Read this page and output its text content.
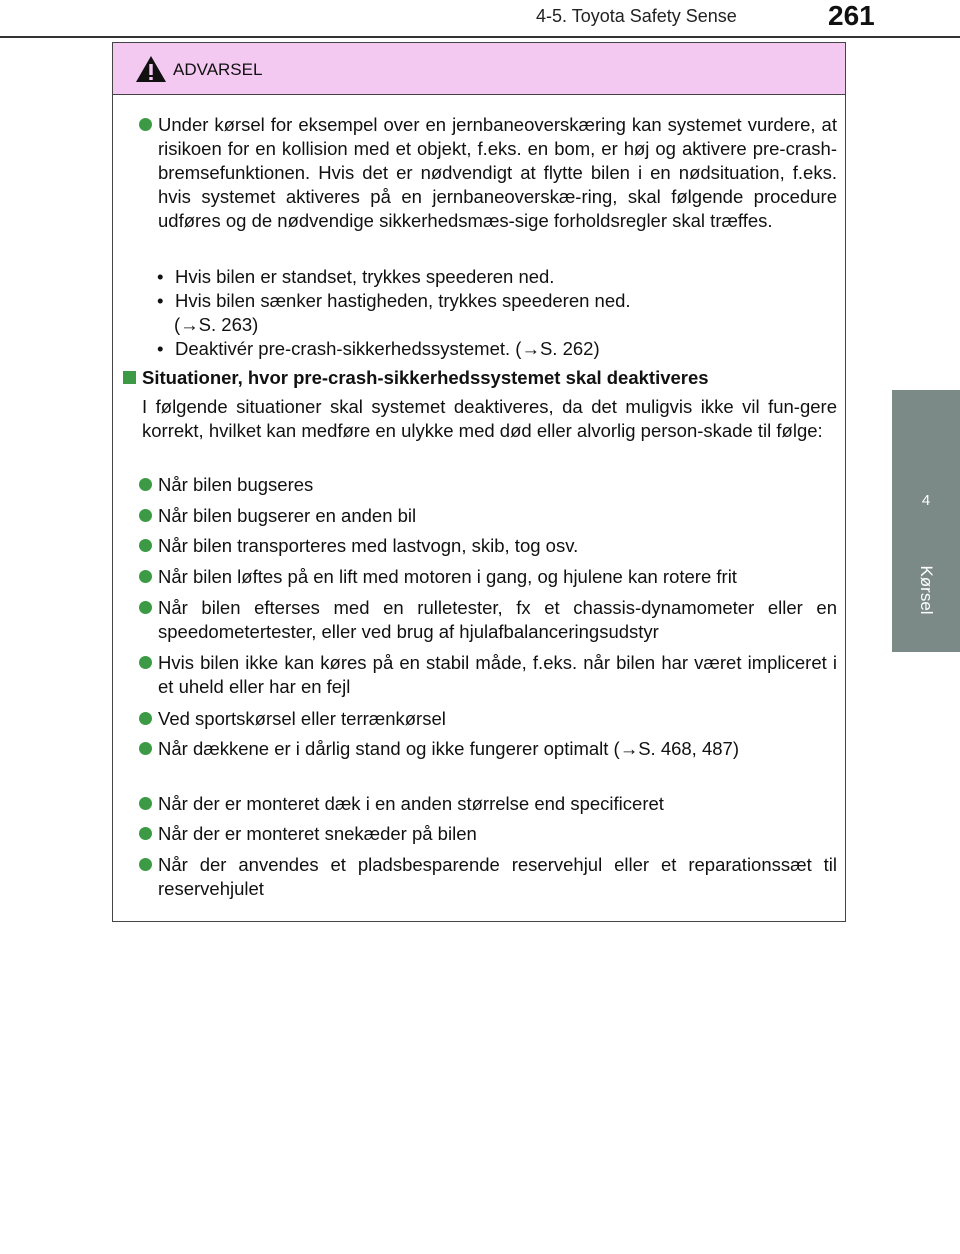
4-5. Toyota Safety Sense	261
4
Kørsel
ADVARSEL
Under kørsel for eksempel over en jernbaneoverskæring kan systemet vurdere, at risikoen for en kollision med et objekt, f.eks. en bom, er høj og aktivere pre-crash-bremsefunktionen. Hvis det er nødvendigt at flytte bilen i en nødsituation, f.eks. hvis systemet aktiveres på en jernbaneoverskæ-ring, skal følgende procedure udføres og de nødvendige sikkerhedsmæs-sige forholdsregler skal træffes.
• Hvis bilen er standset, trykkes speederen ned.
• Hvis bilen sænker hastigheden, trykkes speederen ned.
(→S. 263)
• Deaktivér pre-crash-sikkerhedssystemet. (→S. 262)
Situationer, hvor pre-crash-sikkerhedssystemet skal deaktiveres
I følgende situationer skal systemet deaktiveres, da det muligvis ikke vil fun-gere korrekt, hvilket kan medføre en ulykke med død eller alvorlig person-skade til følge:
Når bilen bugseres
Når bilen bugserer en anden bil
Når bilen transporteres med lastvogn, skib, tog osv.
Når bilen løftes på en lift med motoren i gang, og hjulene kan rotere frit
Når bilen efterses med en rulletester, fx et chassis-dynamometer eller en speedometertester, eller ved brug af hjulafbalanceringsudstyr
Hvis bilen ikke kan køres på en stabil måde, f.eks. når bilen har været impliceret i et uheld eller har en fejl
Ved sportskørsel eller terrænkørsel
Når dækkene er i dårlig stand og ikke fungerer optimalt (→S. 468, 487)
Når der er monteret dæk i en anden størrelse end specificeret
Når der er monteret snekæder på bilen
Når der anvendes et pladsbesparende reservehjul eller et reparationssæt til reservehjulet
